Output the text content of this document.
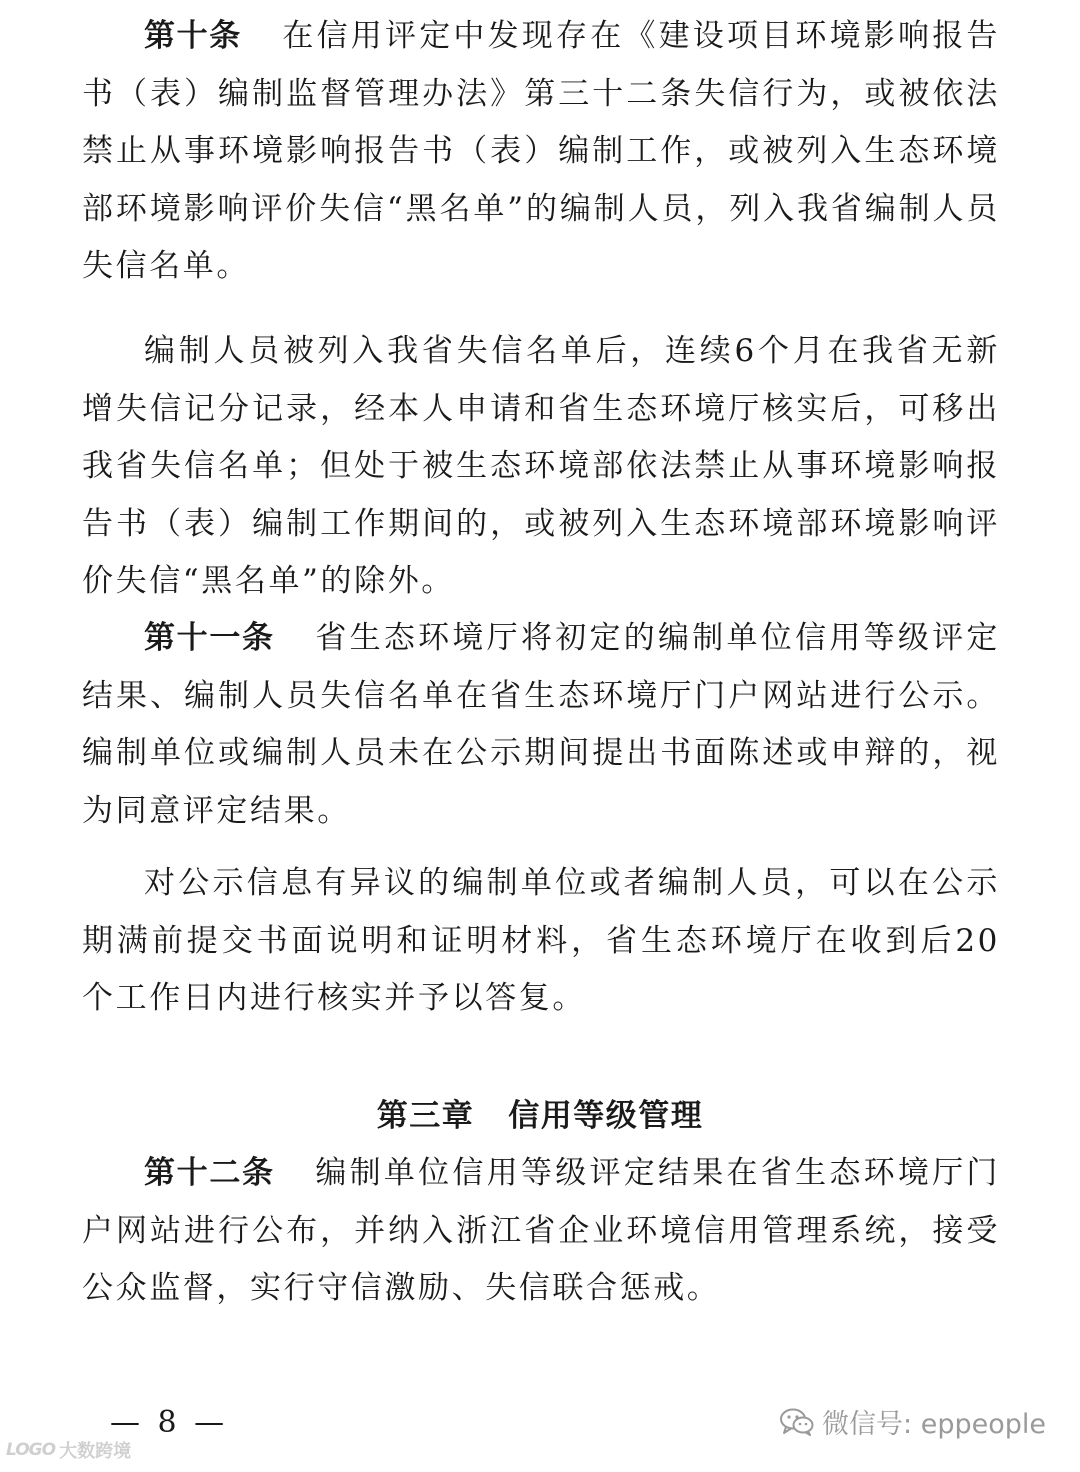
第十条 在信用评定中发现存在《建设项目环境影响报告书（表）编制监督管理办法》第三十二条失信行为，或被依法禁止从事环境影响报告书（表）编制工作，或被列入生态环境部环境影响评价失信“黑名单”的编制人员，列入我省编制人员失信名单。

编制人员被列入我省失信名单后，连续6个月在我省无新增失信记分记录，经本人申请和省生态环境厅核实后，可移出我省失信名单；但处于被生态环境部依法禁止从事环境影响报告书（表）编制工作期间的，或被列入生态环境部环境影响评价失信“黑名单”的除外。

第十一条 省生态环境厅将初定的编制单位信用等级评定结果、编制人员失信名单在省生态环境厅门户网站进行公示。编制单位或编制人员未在公示期间提出书面陈述或申辩的，视为同意评定结果。

对公示信息有异议的编制单位或者编制人员，可以在公示期满前提交书面说明和证明材料，省生态环境厅在收到后20个工作日内进行核实并予以答复。

第三章 信用等级管理

第十二条 编制单位信用等级评定结果在省生态环境厅门户网站进行公布，并纳入浙江省企业环境信用管理系统，接受公众监督，实行守信激励、失信联合惩戒。

— 8 —
LOGO 大数跨境
微信号: eppeople
